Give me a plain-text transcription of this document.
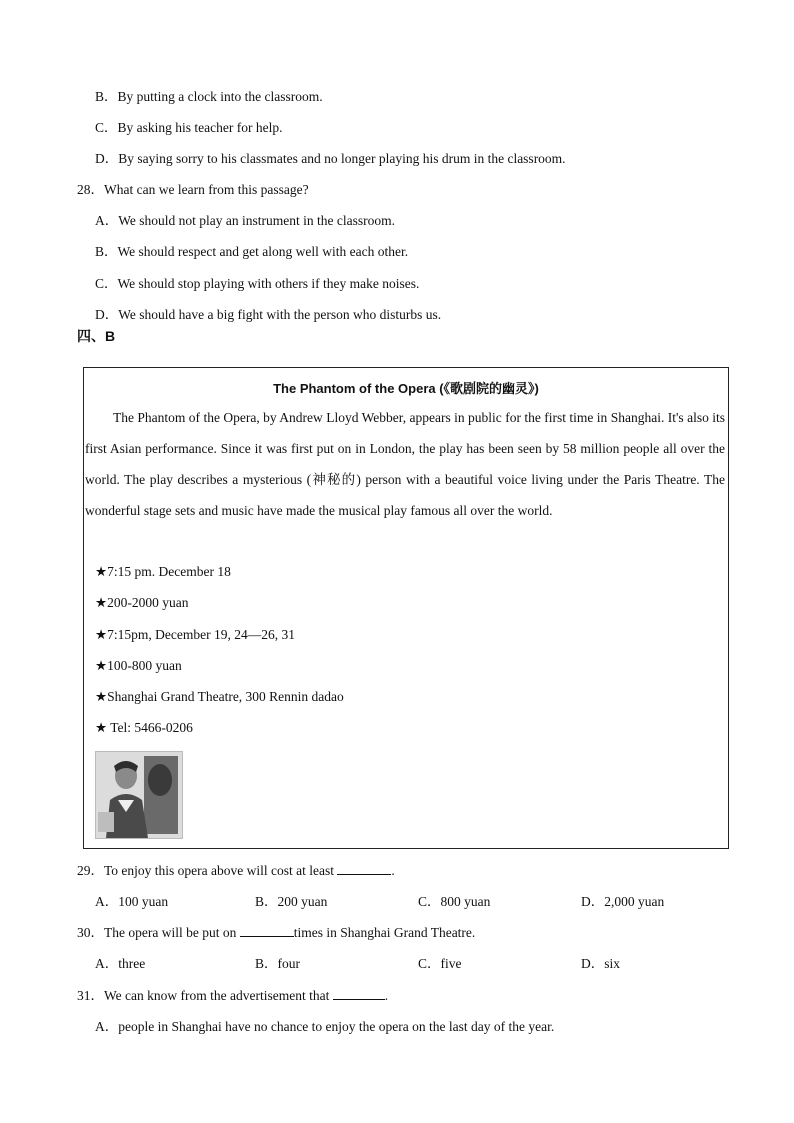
B．By putting a clock into the classroom.
C．By asking his teacher for help.
D．By saying sorry to his classmates and no longer playing his drum in the classroom.
28．What can we learn from this passage?
A．We should not play an instrument in the classroom.
B．We should respect and get along well with each other.
C．We should stop playing with others if they make noises.
D．We should have a big fight with the person who disturbs us.
四、B
The Phantom of the Opera (《歌剧院的幽灵》)
The Phantom of the Opera, by Andrew Lloyd Webber, appears in public for the first time in Shanghai. It's also its first Asian performance. Since it was first put on in London, the play has been seen by 58 million people all over the world. The play describes a mysterious (神秘的) person with a beautiful voice living under the Paris Theatre. The wonderful stage sets and music have made the musical play famous all over the world.
★7:15 pm. December 18
★200-2000 yuan
★7:15pm, December 19, 24—26, 31
★100-800 yuan
★Shanghai Grand Theatre, 300 Rennin dadao
★ Tel: 5466-0206
29．To enjoy this opera above will cost at least	.
A．100 yuan	B．200 yuan	C．800 yuan	D．2,000 yuan
30．The opera will be put on	times in Shanghai Grand Theatre.
A．three	B．four	C．five	D．six
31．We can know from the advertisement that	.
A．people in Shanghai have no chance to enjoy the opera on the last day of the year.
